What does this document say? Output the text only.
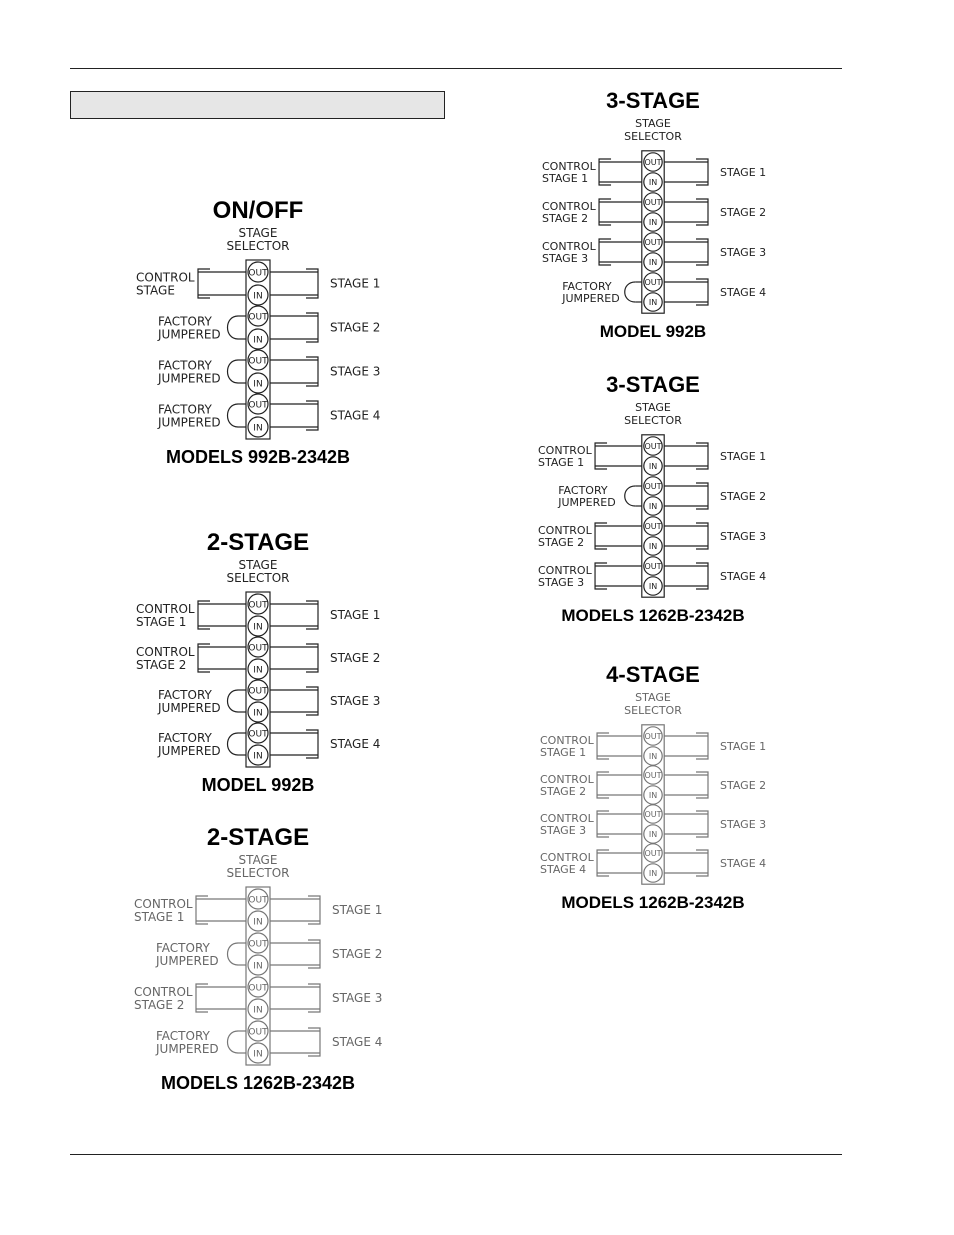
ON/OFF
STAGE
SELECTOR
OUT
IN
STAGE 1
CONTROL
STAGE
OUT
IN
STAGE 2
FACTORY
JUMPERED
OUT
IN
STAGE 3
FACTORY
JUMPERED
OUT
IN
STAGE 4
FACTORY
JUMPERED
MODELS 992B-2342B
2-STAGE
STAGE
SELECTOR
OUT
IN
STAGE 1
CONTROL
STAGE 1
OUT
IN
STAGE 2
CONTROL
STAGE 2
OUT
IN
STAGE 3
FACTORY
JUMPERED
OUT
IN
STAGE 4
FACTORY
JUMPERED
MODEL 992B
2-STAGE
STAGE
SELECTOR
OUT
IN
STAGE 1
CONTROL
STAGE 1
OUT
IN
STAGE 2
FACTORY
JUMPERED
OUT
IN
STAGE 3
CONTROL
STAGE 2
OUT
IN
STAGE 4
FACTORY
JUMPERED
MODELS 1262B-2342B
3-STAGE
STAGE
SELECTOR
OUT
IN
STAGE 1
CONTROL
STAGE 1
OUT
IN
STAGE 2
CONTROL
STAGE 2
OUT
IN
STAGE 3
CONTROL
STAGE 3
OUT
IN
STAGE 4
FACTORY
JUMPERED
MODEL 992B
3-STAGE
STAGE
SELECTOR
OUT
IN
STAGE 1
CONTROL
STAGE 1
OUT
IN
STAGE 2
FACTORY
JUMPERED
OUT
IN
STAGE 3
CONTROL
STAGE 2
OUT
IN
STAGE 4
CONTROL
STAGE 3
MODELS 1262B-2342B
4-STAGE
STAGE
SELECTOR
OUT
IN
STAGE 1
CONTROL
STAGE 1
OUT
IN
STAGE 2
CONTROL
STAGE 2
OUT
IN
STAGE 3
CONTROL
STAGE 3
OUT
IN
STAGE 4
CONTROL
STAGE 4
MODELS 1262B-2342B
